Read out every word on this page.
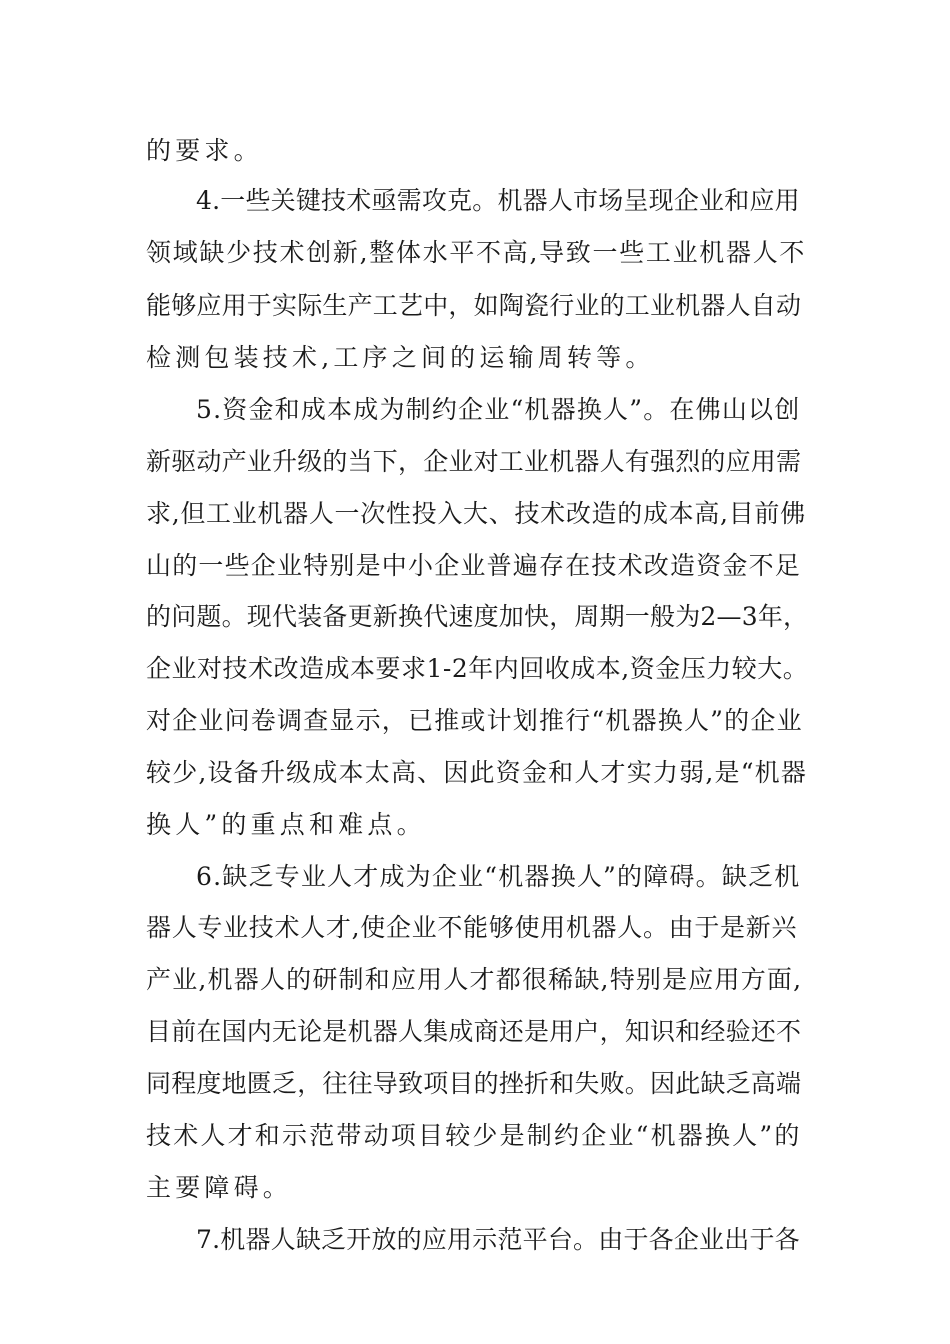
的要求。
4.一些关键技术亟需攻克。机器人市场呈现企业和应用
领域缺少技术创新,整体水平不高,导致一些工业机器人不
能够应用于实际生产工艺中，如陶瓷行业的工业机器人自动
检测包装技术,工序之间的运输周转等。
5.资金和成本成为制约企业“机器换人”。在佛山以创
新驱动产业升级的当下，企业对工业机器人有强烈的应用需
求,但工业机器人一次性投入大、技术改造的成本高,目前佛
山的一些企业特别是中小企业普遍存在技术改造资金不足
的问题。现代装备更新换代速度加快，周期一般为2—3年，
企业对技术改造成本要求1-2年内回收成本,资金压力较大。
对企业问卷调查显示，已推或计划推行“机器换人”的企业
较少,设备升级成本太高、因此资金和人才实力弱,是“机器
换人”的重点和难点。
6.缺乏专业人才成为企业“机器换人”的障碍。缺乏机
器人专业技术人才,使企业不能够使用机器人。由于是新兴
产业,机器人的研制和应用人才都很稀缺,特别是应用方面,
目前在国内无论是机器人集成商还是用户，知识和经验还不
同程度地匮乏，往往导致项目的挫折和失败。因此缺乏高端
技术人才和示范带动项目较少是制约企业“机器换人”的
主要障碍。
7.机器人缺乏开放的应用示范平台。由于各企业出于各
